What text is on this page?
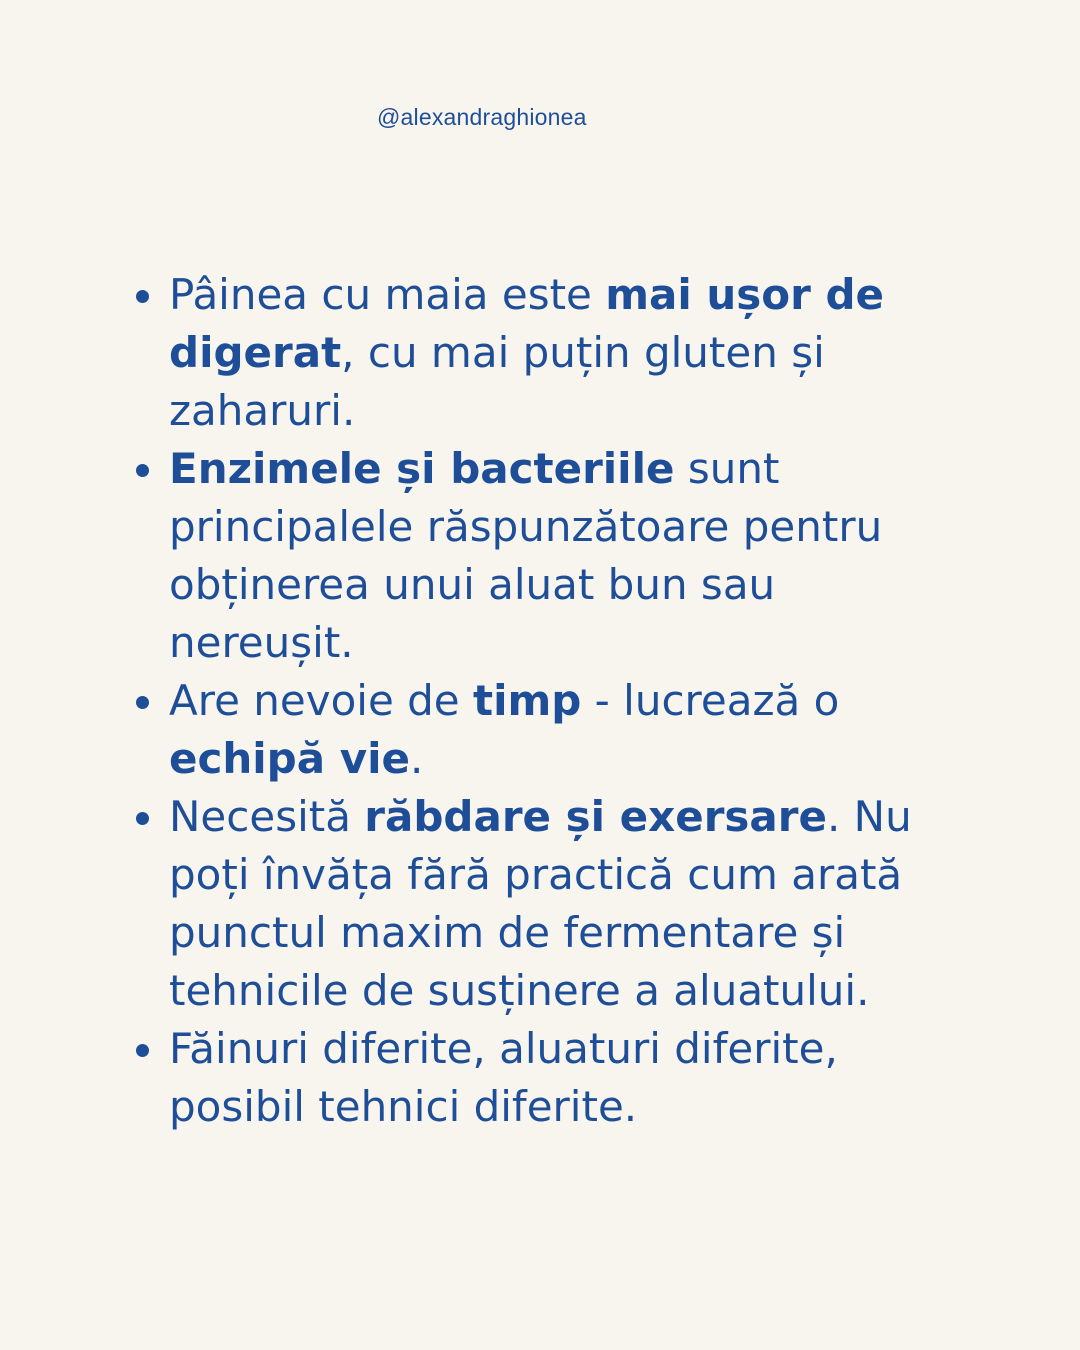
@alexandraghionea
Pâinea cu maia este mai ușor de
digerat, cu mai puțin gluten și
zaharuri.
Enzimele și bacteriile sunt
principalele răspunzătoare pentru
obținerea unui aluat bun sau
nereușit.
Are nevoie de timp - lucrează o
echipă vie.
Necesită răbdare și exersare. Nu
poți învăța fără practică cum arată
punctul maxim de fermentare și
tehnicile de susținere a aluatului.
Făinuri diferite, aluaturi diferite,
posibil tehnici diferite.
